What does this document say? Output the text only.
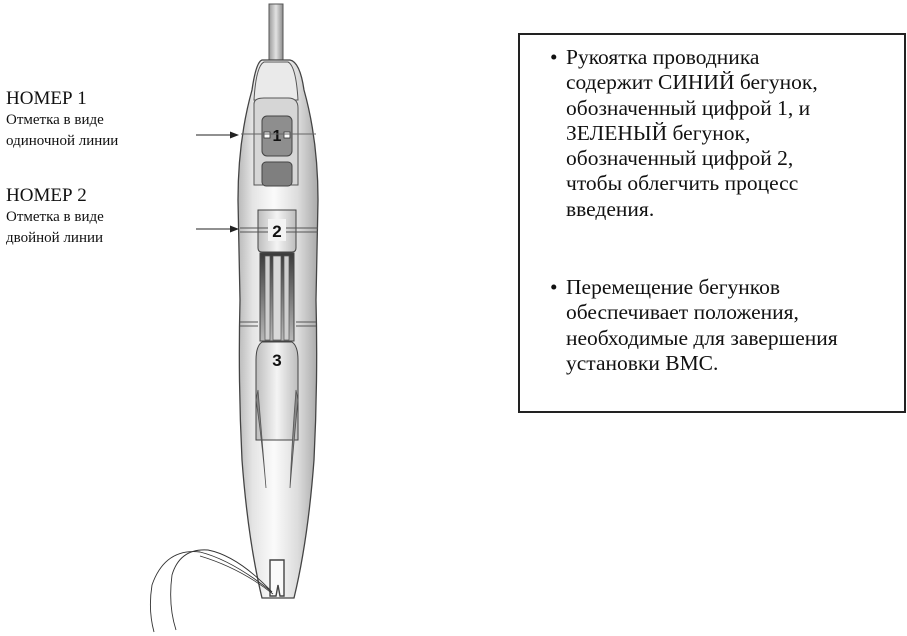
НОМЕР 1
Отметка в виде
одиночной линии
НОМЕР 2
Отметка в виде
двойной линии
1
2
3
• Рукоятка проводника
содержит СИНИЙ бегунок,
обозначенный цифрой 1, и
ЗЕЛЕНЫЙ бегунок,
обозначенный цифрой 2,
чтобы облегчить процесс
введения.
• Перемещение бегунков
обеспечивает положения,
необходимые для завершения
установки ВМС.
